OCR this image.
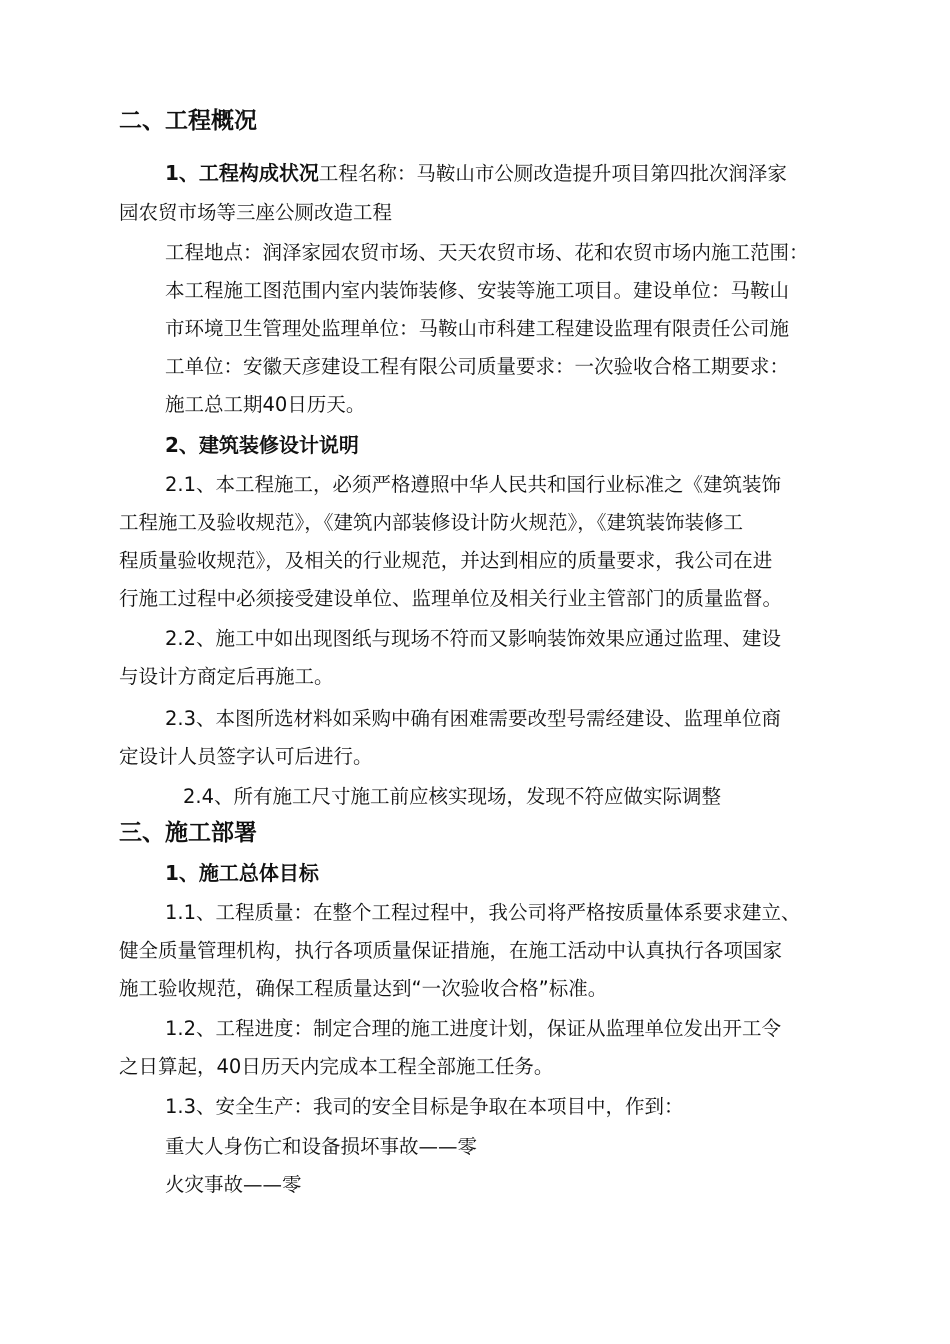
二、工程概况
1、工程构成状况工程名称：马鞍山市公厕改造提升项目第四批次润泽家
园农贸市场等三座公厕改造工程
工程地点：润泽家园农贸市场、天天农贸市场、花和农贸市场内施工范围：
本工程施工图范围内室内装饰装修、安装等施工项目。建设单位：马鞍山
市环境卫生管理处监理单位：马鞍山市科建工程建设监理有限责任公司施
工单位：安徽天彦建设工程有限公司质量要求：一次验收合格工期要求：
施工总工期40日历天。
2、建筑装修设计说明
2.1、本工程施工，必须严格遵照中华人民共和国行业标准之《建筑装饰
工程施工及验收规范》，《建筑内部装修设计防火规范》，《建筑装饰装修工
程质量验收规范》，及相关的行业规范，并达到相应的质量要求，我公司在进
行施工过程中必须接受建设单位、监理单位及相关行业主管部门的质量监督。
2.2、施工中如出现图纸与现场不符而又影响装饰效果应通过监理、建设
与设计方商定后再施工。
2.3、本图所选材料如采购中确有困难需要改型号需经建设、监理单位商
定设计人员签字认可后进行。
2.4、所有施工尺寸施工前应核实现场，发现不符应做实际调整
三、施工部署
1、施工总体目标
1.1、工程质量：在整个工程过程中，我公司将严格按质量体系要求建立、
健全质量管理机构，执行各项质量保证措施，在施工活动中认真执行各项国家
施工验收规范，确保工程质量达到“一次验收合格”标准。
1.2、工程进度：制定合理的施工进度计划，保证从监理单位发出开工令
之日算起，40日历天内完成本工程全部施工任务。
1.3、安全生产：我司的安全目标是争取在本项目中，作到：
重大人身伤亡和设备损坏事故——零
火灾事故——零
